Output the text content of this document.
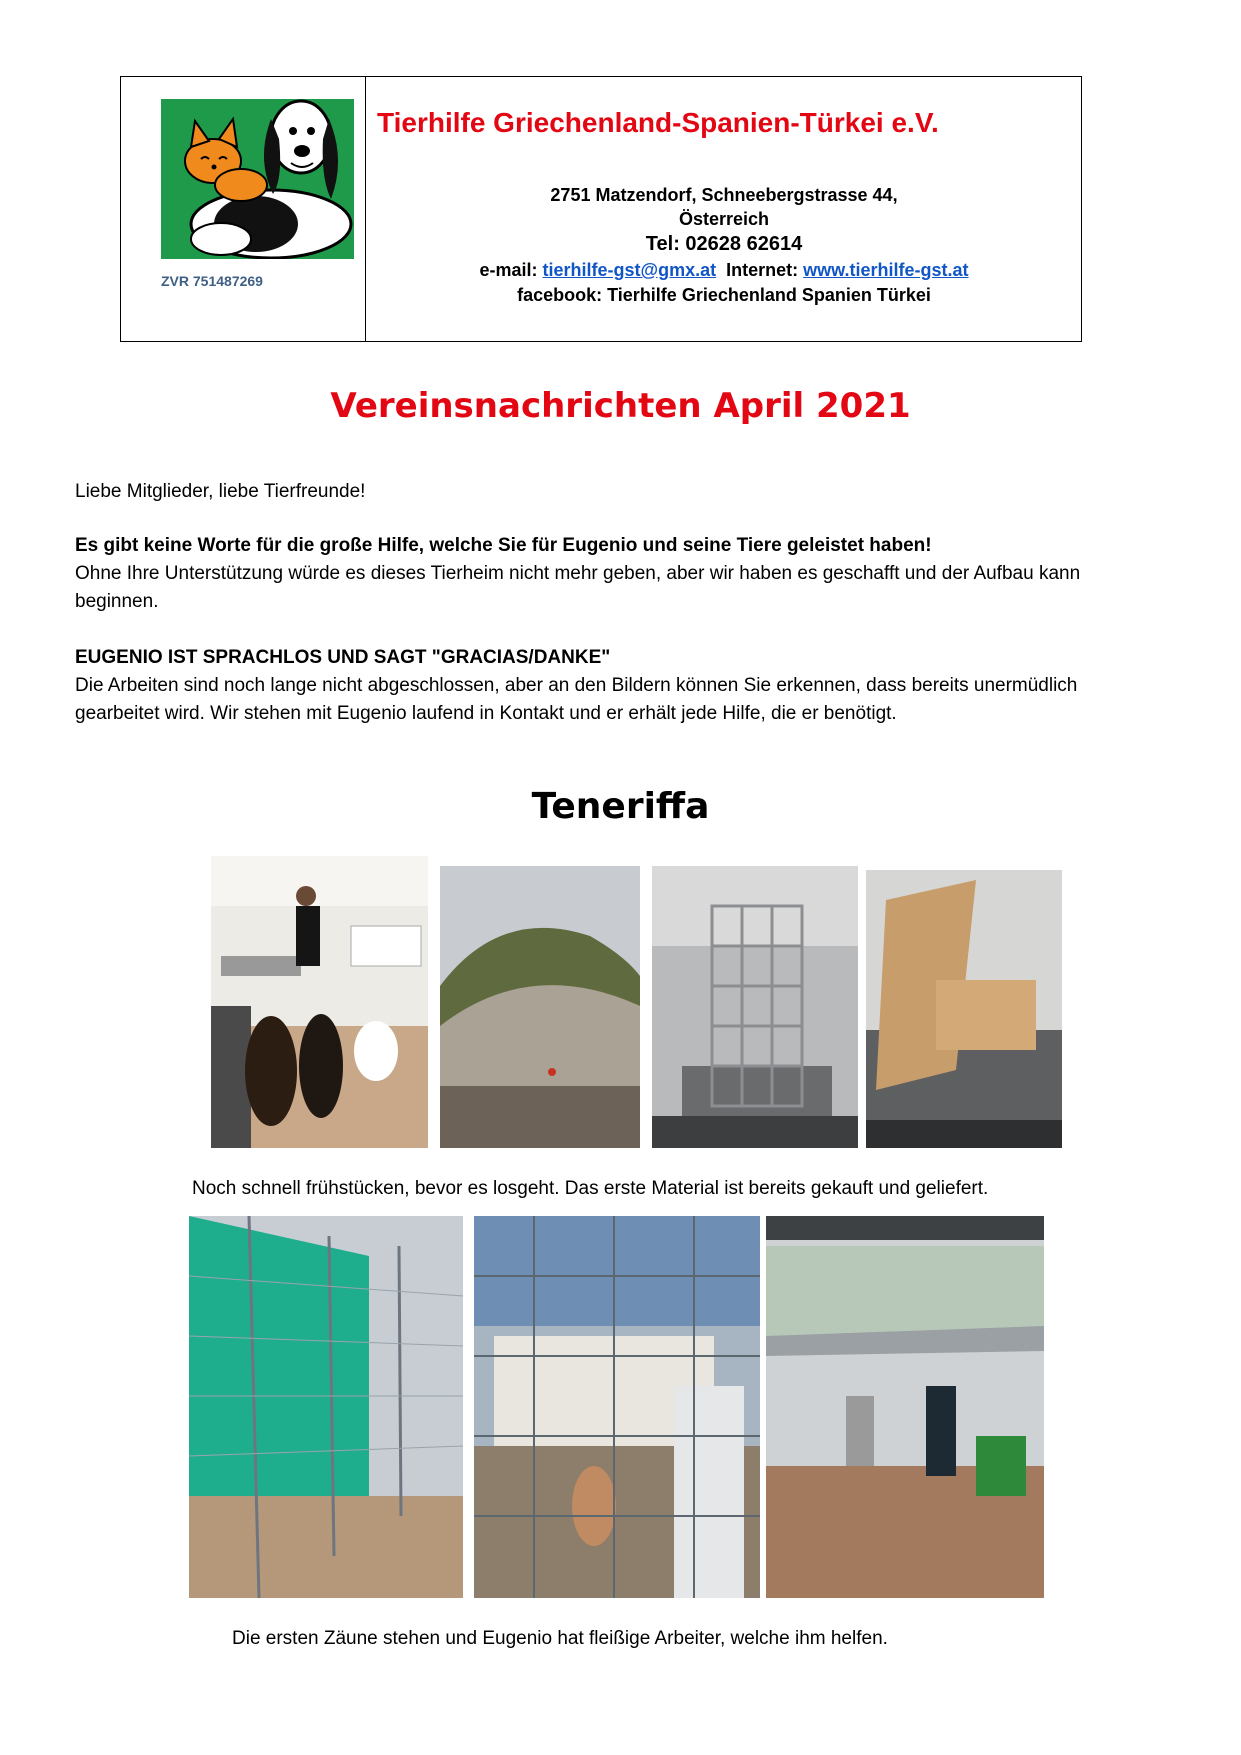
ZVR 751487269
Tierhilfe Griechenland-Spanien-Türkei e.V.
2751 Matzendorf, Schneebergstrasse 44,
Österreich
Tel: 02628 62614
e-mail: tierhilfe-gst@gmx.at Internet: www.tierhilfe-gst.at
facebook: Tierhilfe Griechenland Spanien Türkei
Vereinsnachrichten April 2021
Liebe Mitglieder, liebe Tierfreunde!
Es gibt keine Worte für die große Hilfe, welche Sie für Eugenio und seine Tiere geleistet haben!
Ohne Ihre Unterstützung würde es dieses Tierheim nicht mehr geben, aber wir haben es geschafft und der Aufbau kann beginnen.
EUGENIO IST SPRACHLOS UND SAGT "GRACIAS/DANKE"
Die Arbeiten sind noch lange nicht abgeschlossen, aber an den Bildern können Sie erkennen, dass bereits unermüdlich gearbeitet wird. Wir stehen mit Eugenio laufend in Kontakt und er erhält jede Hilfe, die er benötigt.
Teneriffa
Noch schnell frühstücken, bevor es losgeht. Das erste Material ist bereits gekauft und geliefert.
Die ersten Zäune stehen und Eugenio hat fleißige Arbeiter, welche ihm helfen.
